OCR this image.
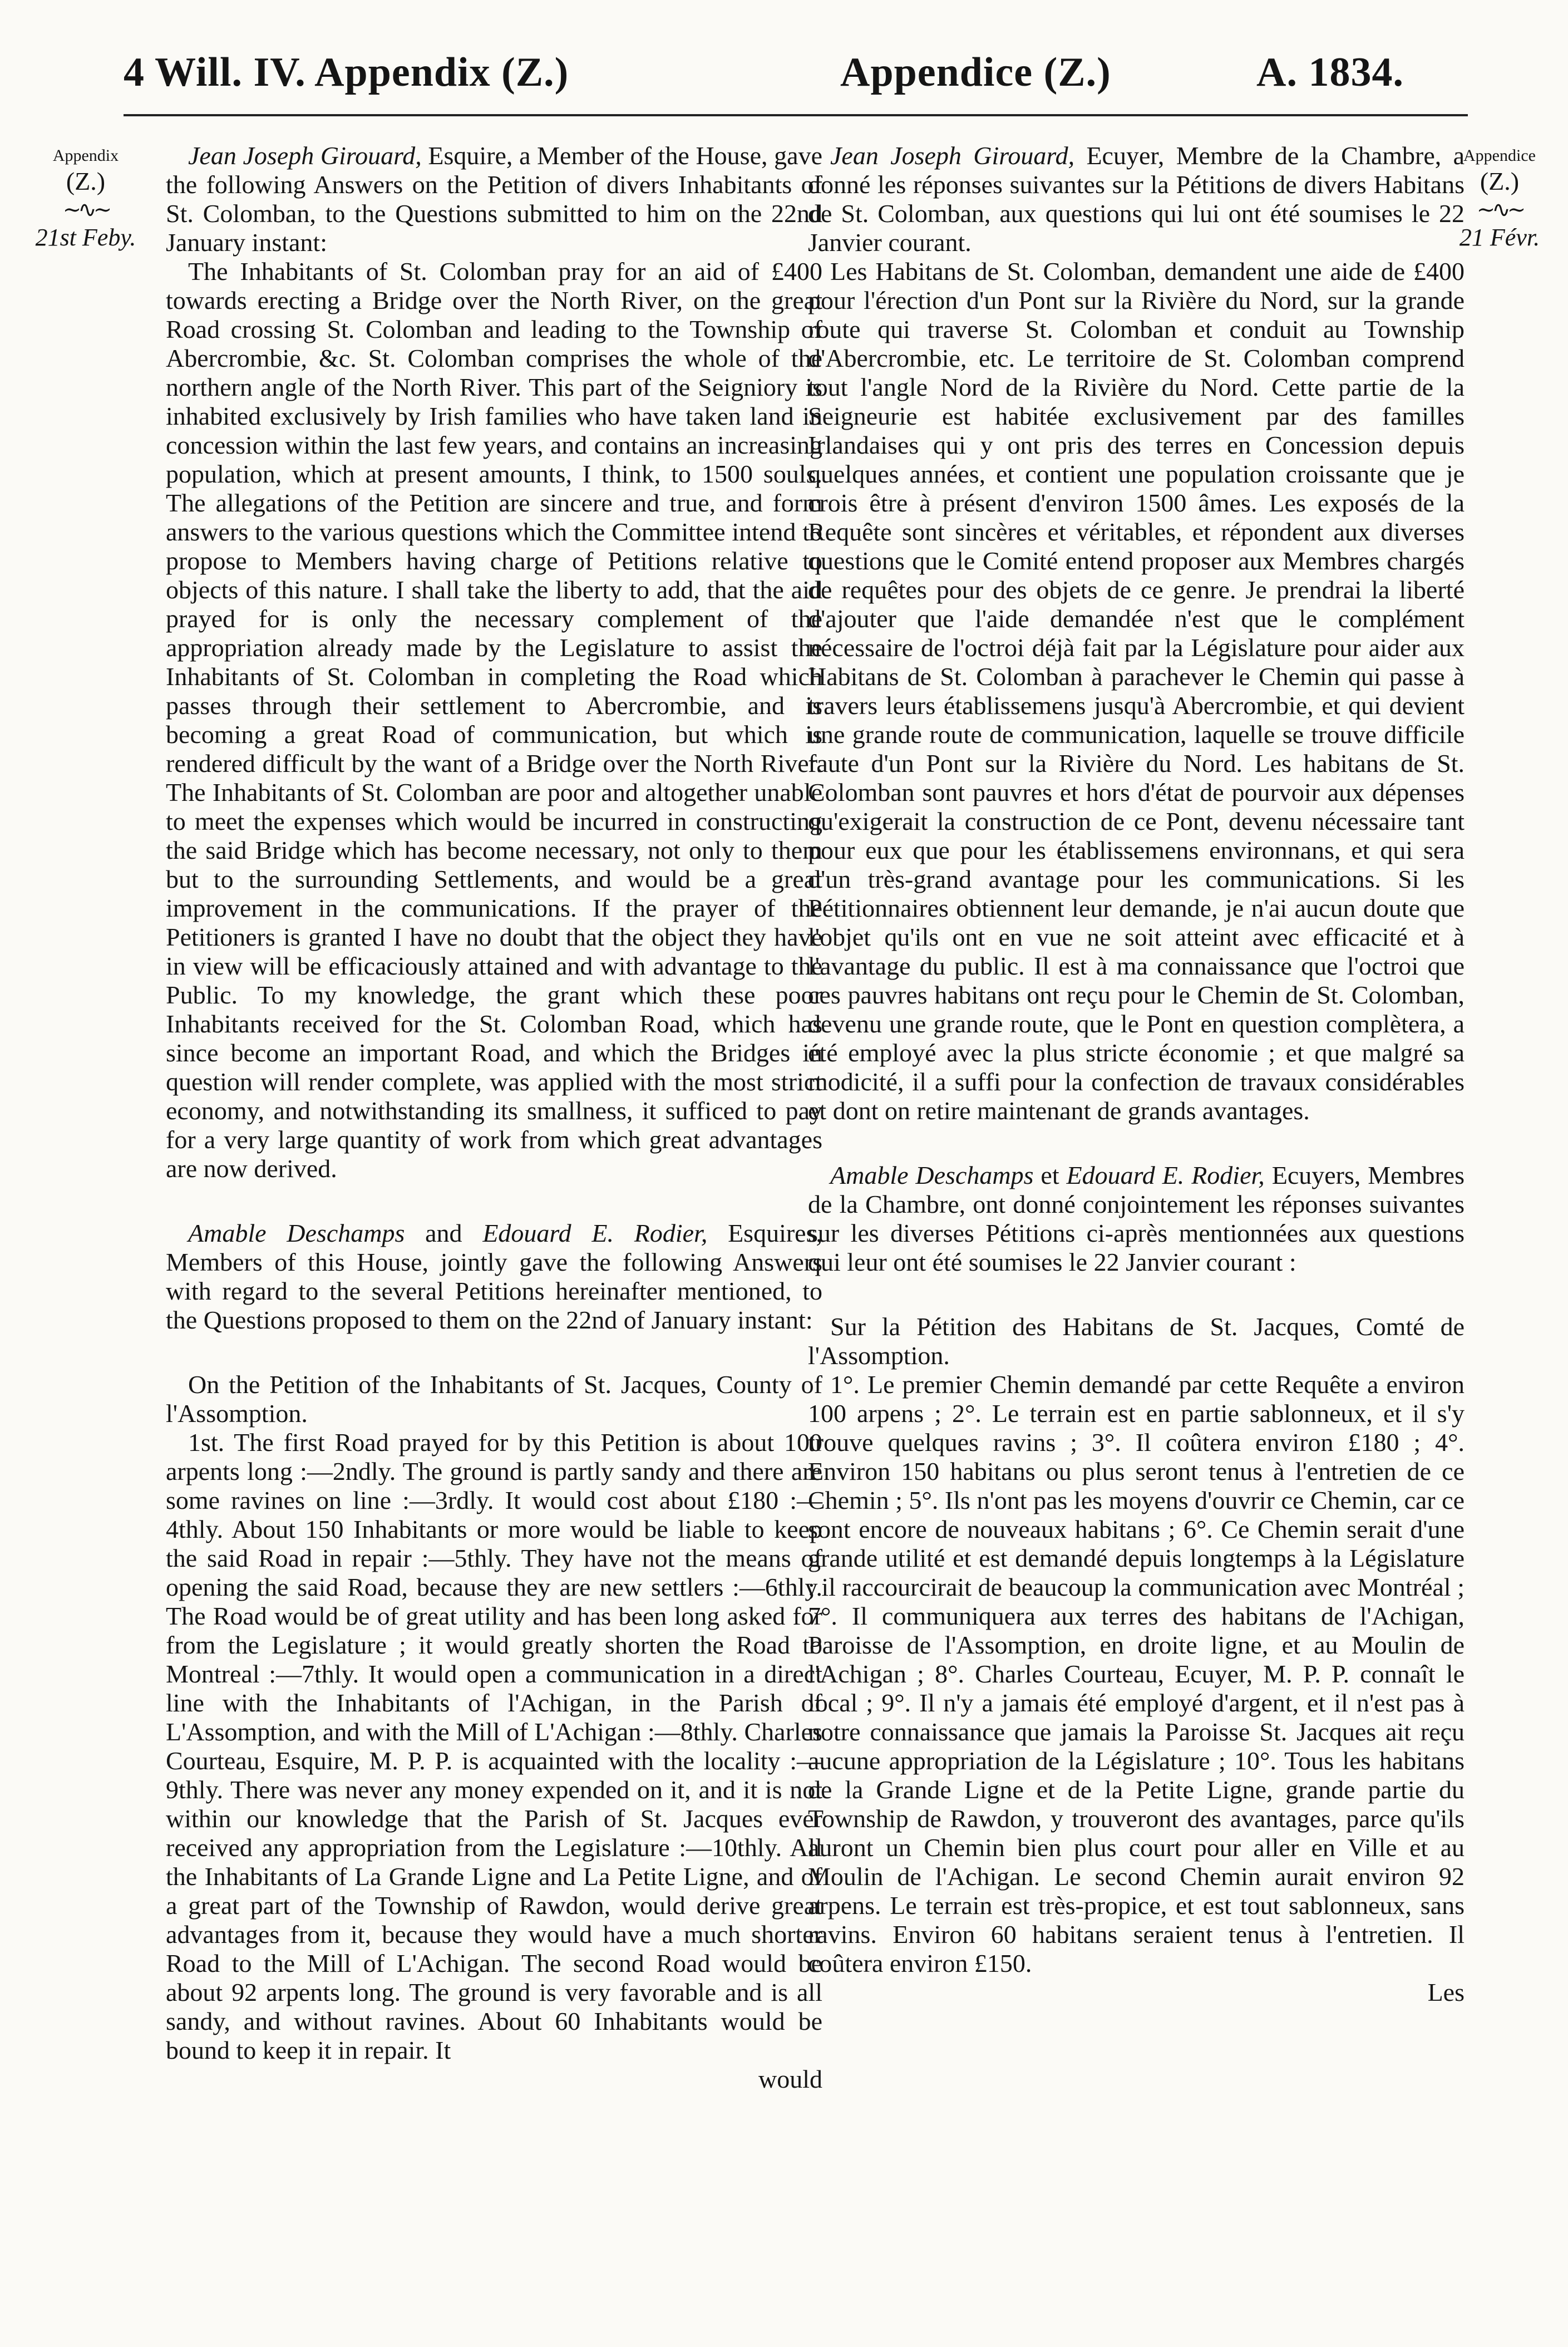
4 Will. IV. Appendix (Z.)	Appendice (Z.)	A. 1834.
Appendix
(Z.)
∼∿∼
21st Feby.
Appendice
(Z.)
∼∿∼
21 Févr.

Jean Joseph Girouard, Esquire, a Member of the House, gave the following Answers on the Petition of divers Inhabitants of St. Colomban, to the Questions submitted to him on the 22nd January instant:

The Inhabitants of St. Colomban pray for an aid of £400 towards erecting a Bridge over the North River, on the great Road crossing St. Colomban and leading to the Township of Abercrombie, &c. St. Colomban comprises the whole of the northern angle of the North River. This part of the Seigniory is inhabited exclusively by Irish families who have taken land in concession within the last few years, and contains an increasing population, which at present amounts, I think, to 1500 souls. The allegations of the Petition are sincere and true, and form answers to the various questions which the Committee intend to propose to Members having charge of Petitions relative to objects of this nature. I shall take the liberty to add, that the aid prayed for is only the necessary complement of the appropriation already made by the Legislature to assist the Inhabitants of St. Colomban in completing the Road which passes through their settlement to Abercrombie, and is becoming a great Road of communication, but which is rendered difficult by the want of a Bridge over the North River. The Inhabitants of St. Colomban are poor and altogether unable to meet the expenses which would be incurred in constructing the said Bridge which has become necessary, not only to them but to the surrounding Settlements, and would be a great improvement in the communications. If the prayer of the Petitioners is granted I have no doubt that the object they have in view will be efficaciously attained and with advantage to the Public. To my knowledge, the grant which these poor Inhabitants received for the St. Colomban Road, which has since become an important Road, and which the Bridges in question will render complete, was applied with the most strict economy, and notwithstanding its smallness, it sufficed to pay for a very large quantity of work from which great advantages are now derived.

Amable Deschamps and Edouard E. Rodier, Esquires, Members of this House, jointly gave the following Answers with regard to the several Petitions hereinafter mentioned, to the Questions proposed to them on the 22nd of January instant:

On the Petition of the Inhabitants of St. Jacques, County of l'Assomption.

1st. The first Road prayed for by this Petition is about 100 arpents long :—2ndly. The ground is partly sandy and there are some ravines on line :—3rdly. It would cost about £180 :—4thly. About 150 Inhabitants or more would be liable to keep the said Road in repair :—5thly. They have not the means of opening the said Road, because they are new settlers :—6thly. The Road would be of great utility and has been long asked for from the Legislature ; it would greatly shorten the Road to Montreal :—7thly. It would open a communication in a direct line with the Inhabitants of l'Achigan, in the Parish of L'Assomption, and with the Mill of L'Achigan :—8thly. Charles Courteau, Esquire, M. P. P. is acquainted with the locality :—9thly. There was never any money expended on it, and it is not within our knowledge that the Parish of St. Jacques ever received any appropriation from the Legislature :—10thly. All the Inhabitants of La Grande Ligne and La Petite Ligne, and of a great part of the Township of Rawdon, would derive great advantages from it, because they would have a much shorter Road to the Mill of L'Achigan. The second Road would be about 92 arpents long. The ground is very favorable and is all sandy, and without ravines. About 60 Inhabitants would be bound to keep it in repair. It

would

Jean Joseph Girouard, Ecuyer, Membre de la Chambre, a donné les réponses suivantes sur la Pétitions de divers Habitans de St. Colomban, aux questions qui lui ont été soumises le 22 Janvier courant.

Les Habitans de St. Colomban, demandent une aide de £400 pour l'érection d'un Pont sur la Rivière du Nord, sur la grande route qui traverse St. Colomban et conduit au Township d'Abercrombie, etc. Le territoire de St. Colomban comprend tout l'angle Nord de la Rivière du Nord. Cette partie de la Seigneurie est habitée exclusivement par des familles Irlandaises qui y ont pris des terres en Concession depuis quelques années, et contient une population croissante que je crois être à présent d'environ 1500 âmes. Les exposés de la Requête sont sincères et véritables, et répondent aux diverses questions que le Comité entend proposer aux Membres chargés de requêtes pour des objets de ce genre. Je prendrai la liberté d'ajouter que l'aide demandée n'est que le complément nécessaire de l'octroi déjà fait par la Législature pour aider aux Habitans de St. Colomban à parachever le Chemin qui passe à travers leurs établissemens jusqu'à Abercrombie, et qui devient une grande route de communication, laquelle se trouve difficile faute d'un Pont sur la Rivière du Nord. Les habitans de St. Colomban sont pauvres et hors d'état de pourvoir aux dépenses qu'exigerait la construction de ce Pont, devenu nécessaire tant pour eux que pour les établissemens environnans, et qui sera d'un très-grand avantage pour les communications. Si les Pétitionnaires obtiennent leur demande, je n'ai aucun doute que l'objet qu'ils ont en vue ne soit atteint avec efficacité et à l'avantage du public. Il est à ma connaissance que l'octroi que ces pauvres habitans ont reçu pour le Chemin de St. Colomban, devenu une grande route, que le Pont en question complètera, a été employé avec la plus stricte économie ; et que malgré sa modicité, il a suffi pour la confection de travaux considérables et dont on retire maintenant de grands avantages.

Amable Deschamps et Edouard E. Rodier, Ecuyers, Membres de la Chambre, ont donné conjointement les réponses suivantes sur les diverses Pétitions ci-après mentionnées aux questions qui leur ont été soumises le 22 Janvier courant :

Sur la Pétition des Habitans de St. Jacques, Comté de l'Assomption.

1°. Le premier Chemin demandé par cette Requête a environ 100 arpens ; 2°. Le terrain est en partie sablonneux, et il s'y trouve quelques ravins ; 3°. Il coûtera environ £180 ; 4°. Environ 150 habitans ou plus seront tenus à l'entretien de ce Chemin ; 5°. Ils n'ont pas les moyens d'ouvrir ce Chemin, car ce sont encore de nouveaux habitans ; 6°. Ce Chemin serait d'une grande utilité et est demandé depuis longtemps à la Législature ; il raccourcirait de beaucoup la communication avec Montréal ; 7°. Il communiquera aux terres des habitans de l'Achigan, Paroisse de l'Assomption, en droite ligne, et au Moulin de l'Achigan ; 8°. Charles Courteau, Ecuyer, M. P. P. connaît le local ; 9°. Il n'y a jamais été employé d'argent, et il n'est pas à notre connaissance que jamais la Paroisse St. Jacques ait reçu aucune appropriation de la Législature ; 10°. Tous les habitans de la Grande Ligne et de la Petite Ligne, grande partie du Township de Rawdon, y trouveront des avantages, parce qu'ils auront un Chemin bien plus court pour aller en Ville et au Moulin de l'Achigan. Le second Chemin aurait environ 92 arpens. Le terrain est très-propice, et est tout sablonneux, sans ravins. Environ 60 habitans seraient tenus à l'entretien. Il coûtera environ £150.

Les
